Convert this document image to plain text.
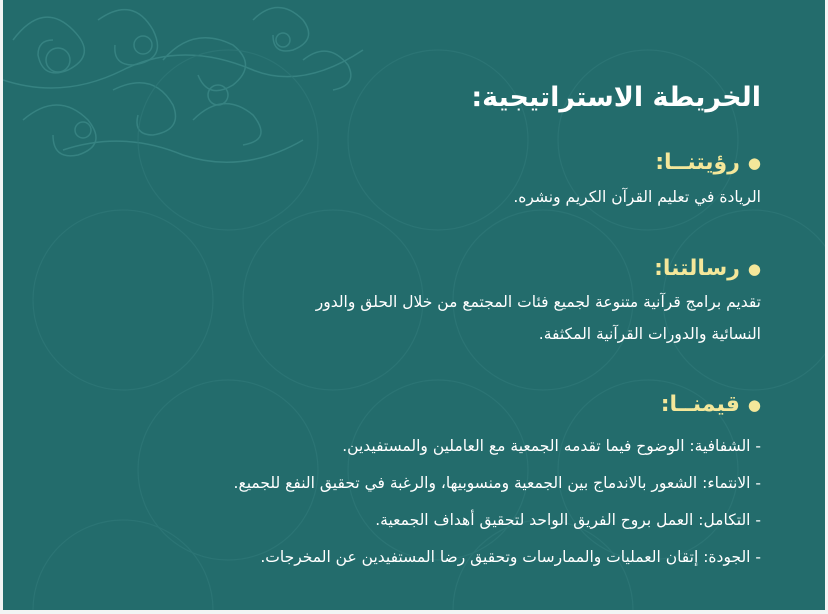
الخريطة الاستراتيجية:
●رؤيتنــا:

الريادة في تعليم القرآن الكريم ونشره.

●رسالتنا:

تقديم برامج قرآنية متنوعة لجميع فئات المجتمع من خلال الحلق والدور

النسائية والدورات القرآنية المكثفة.

●قيمنــا:
- الشفافية: الوضوح فيما تقدمه الجمعية مع العاملين والمستفيدين.
- الانتماء: الشعور بالاندماج بين الجمعية ومنسوبيها، والرغبة في تحقيق النفع للجميع.
- التكامل: العمل بروح الفريق الواحد لتحقيق أهداف الجمعية.
- الجودة: إتقان العمليات والممارسات وتحقيق رضا المستفيدين عن المخرجات.
